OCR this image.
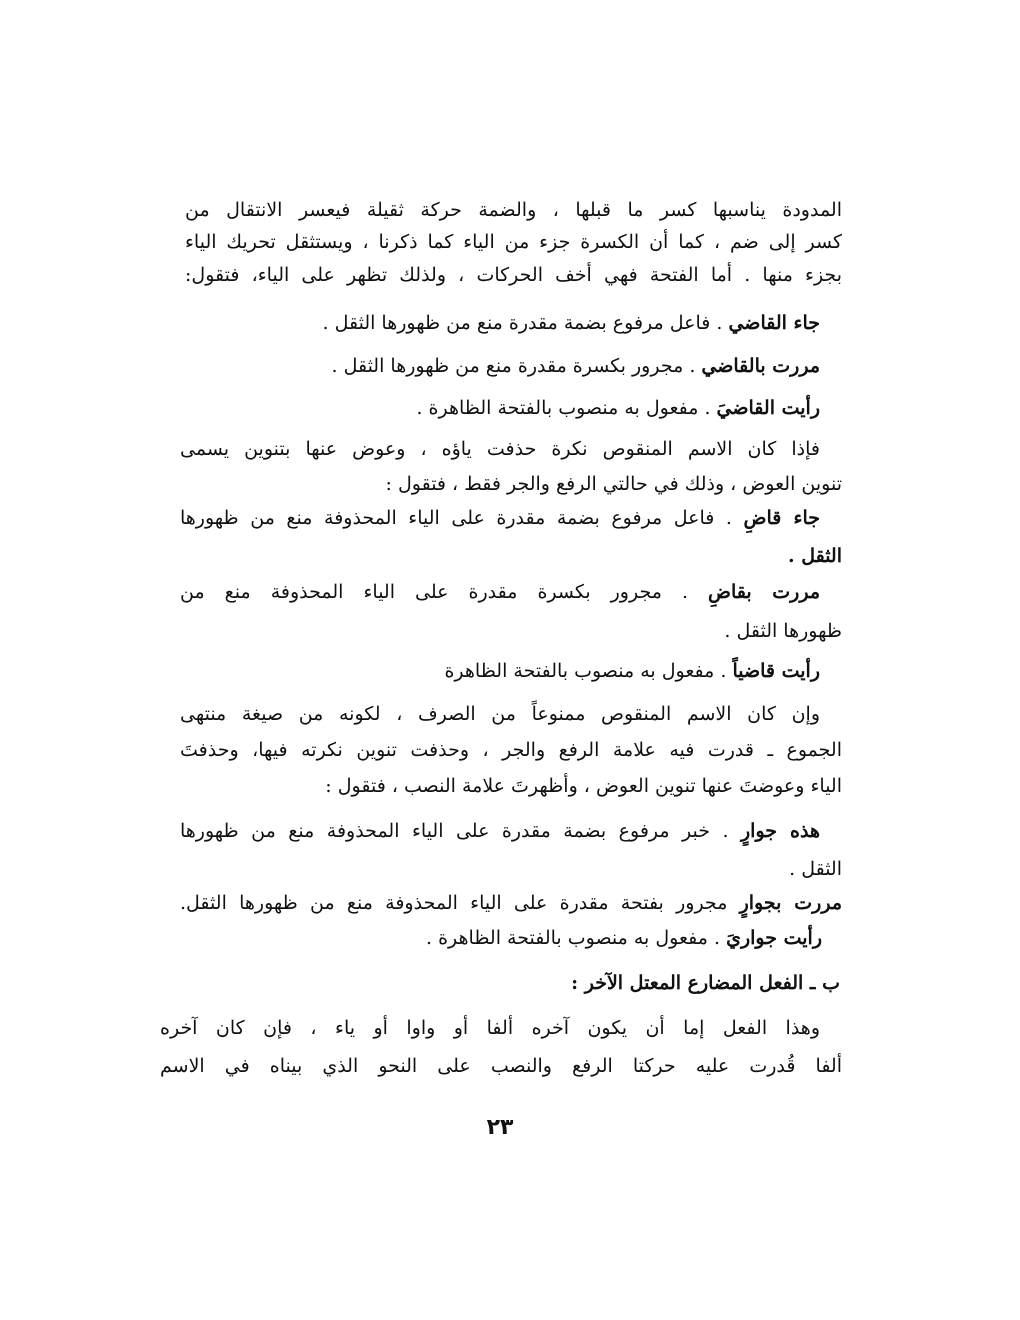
المدودة يناسبها كسر ما قبلها ، والضمة حركة ثقيلة فيعسر الانتقال من
كسر إلى ضم ، كما أن الكسرة جزء من الياء كما ذكرنا ، ويستثقل تحريك الياء
بجزء منها . أما الفتحة فهي أخف الحركات ، ولذلك تظهر على الياء، فتقول:
جاء القاضي . فاعل مرفوع بضمة مقدرة منع من ظهورها الثقل .
مررت بالقاضي . مجرور بكسرة مقدرة منع من ظهورها الثقل .
رأيت القاضيَ . مفعول به منصوب بالفتحة الظاهرة .
فإذا كان الاسم المنقوص نكرة حذفت ياؤه ، وعوض عنها بتنوين يسمى
تنوين العوض ، وذلك في حالتي الرفع والجر فقط ، فتقول :
جاء قاضٍ . فاعل مرفوع بضمة مقدرة على الياء المحذوفة منع من ظهورها
الثقل .
مررت بقاضٍ . مجرور بكسرة مقدرة على الياء المحذوفة منع من
ظهورها الثقل .
رأيت قاضياً . مفعول به منصوب بالفتحة الظاهرة
وإن كان الاسم المنقوص ممنوعاً من الصرف ، لكونه من صيغة منتهى
الجموع ـ قدرت فيه علامة الرفع والجر ، وحذفت تنوين نكرته فيها، وحذفتَ
الياء وعوضتَ عنها تنوين العوض ، وأظهرتَ علامة النصب ، فتقول :
هذه جوارٍ . خبر مرفوع بضمة مقدرة على الياء المحذوفة منع من ظهورها
الثقل .
مررت بجوارٍ مجرور بفتحة مقدرة على الياء المحذوفة منع من ظهورها الثقل.
رأيت جواريَ . مفعول به منصوب بالفتحة الظاهرة .
ب ـ الفعل المضارع المعتل الآخر :
وهذا الفعل إما أن يكون آخره ألفا أو واوا أو ياء ، فإن كان آخره
ألفا قُدرت عليه حركتا الرفع والنصب على النحو الذي بيناه في الاسم
٢٣
